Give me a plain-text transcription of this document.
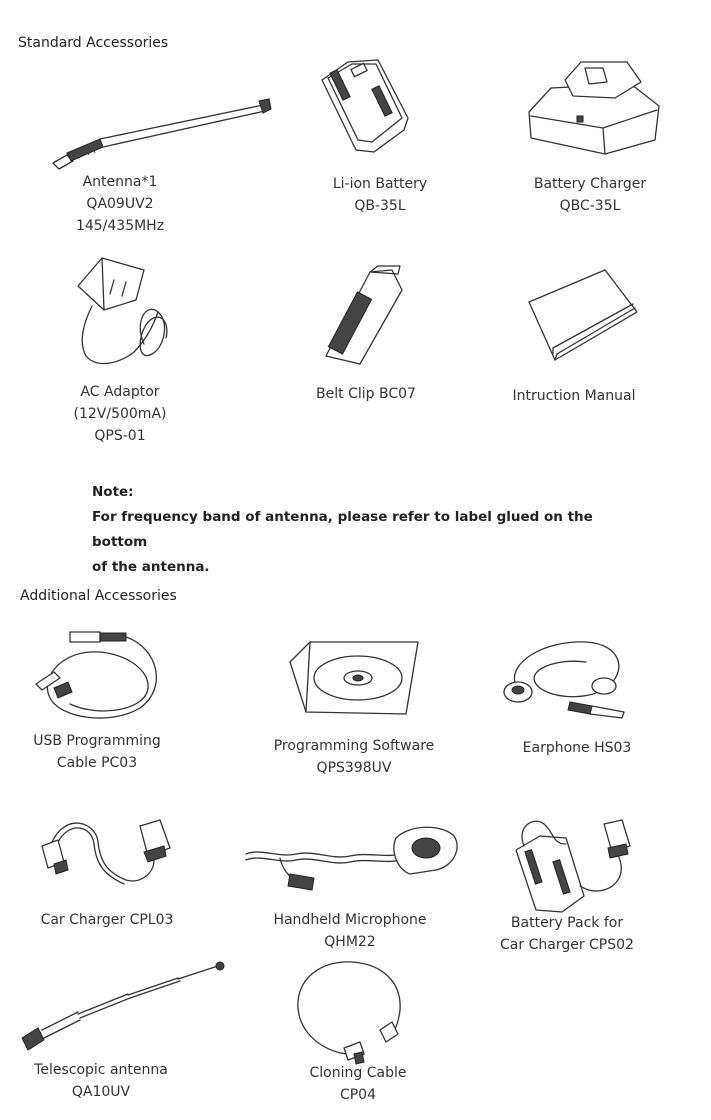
Standard Accessories
Antenna*1
QA09UV2
145/435MHz
Li-ion Battery
QB-35L
Battery Charger
QBC-35L
AC Adaptor
(12V/500mA)
QPS-01
Belt Clip BC07	Intruction Manual
Note:
For frequency band of antenna, please refer to label glued on the bottom
of the antenna.
Additional Accessories
USB Programming
Cable PC03
Programming Software
QPS398UV
Earphone HS03
Car Charger CPL03	Handheld Microphone
QHM22
Battery Pack for
Car Charger CPS02
Telescopic antenna
QA10UV
Cloning Cable
CP04
